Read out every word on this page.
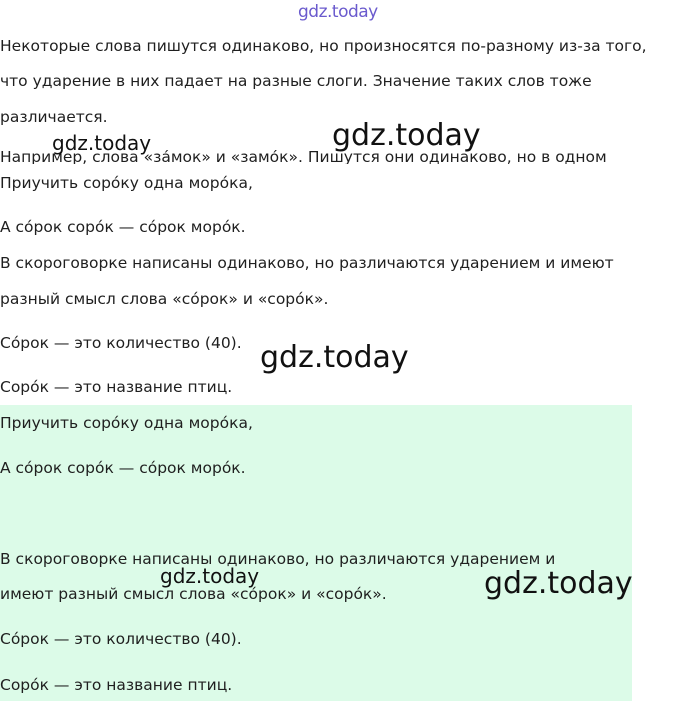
Некоторые слова пишутся одинаково, но произносятся по-разному из-за того,

что ударение в них падает на разные слоги. Значение таких слов тоже

различается.

Например, слова «за́мок» и «замо́к». Пишутся они одинаково, но в одном

Приучить соро́ку одна моро́ка,

А со́рок соро́к — со́рок моро́к.

В скороговорке написаны одинаково, но различаются ударением и имеют

разный смысл слова «со́рок» и «соро́к».

Со́рок — это количество (40).

Соро́к — это название птиц.

Приучить соро́ку одна моро́ка,

А со́рок соро́к — со́рок моро́к.

В скороговорке написаны одинаково, но различаются ударением и

имеют разный смысл слова «со́рок» и «соро́к».

Со́рок — это количество (40).

Соро́к — это название птиц.

gdz.today
gdz.today	gdz.today
gdz.today
gdz.today	gdz.today
